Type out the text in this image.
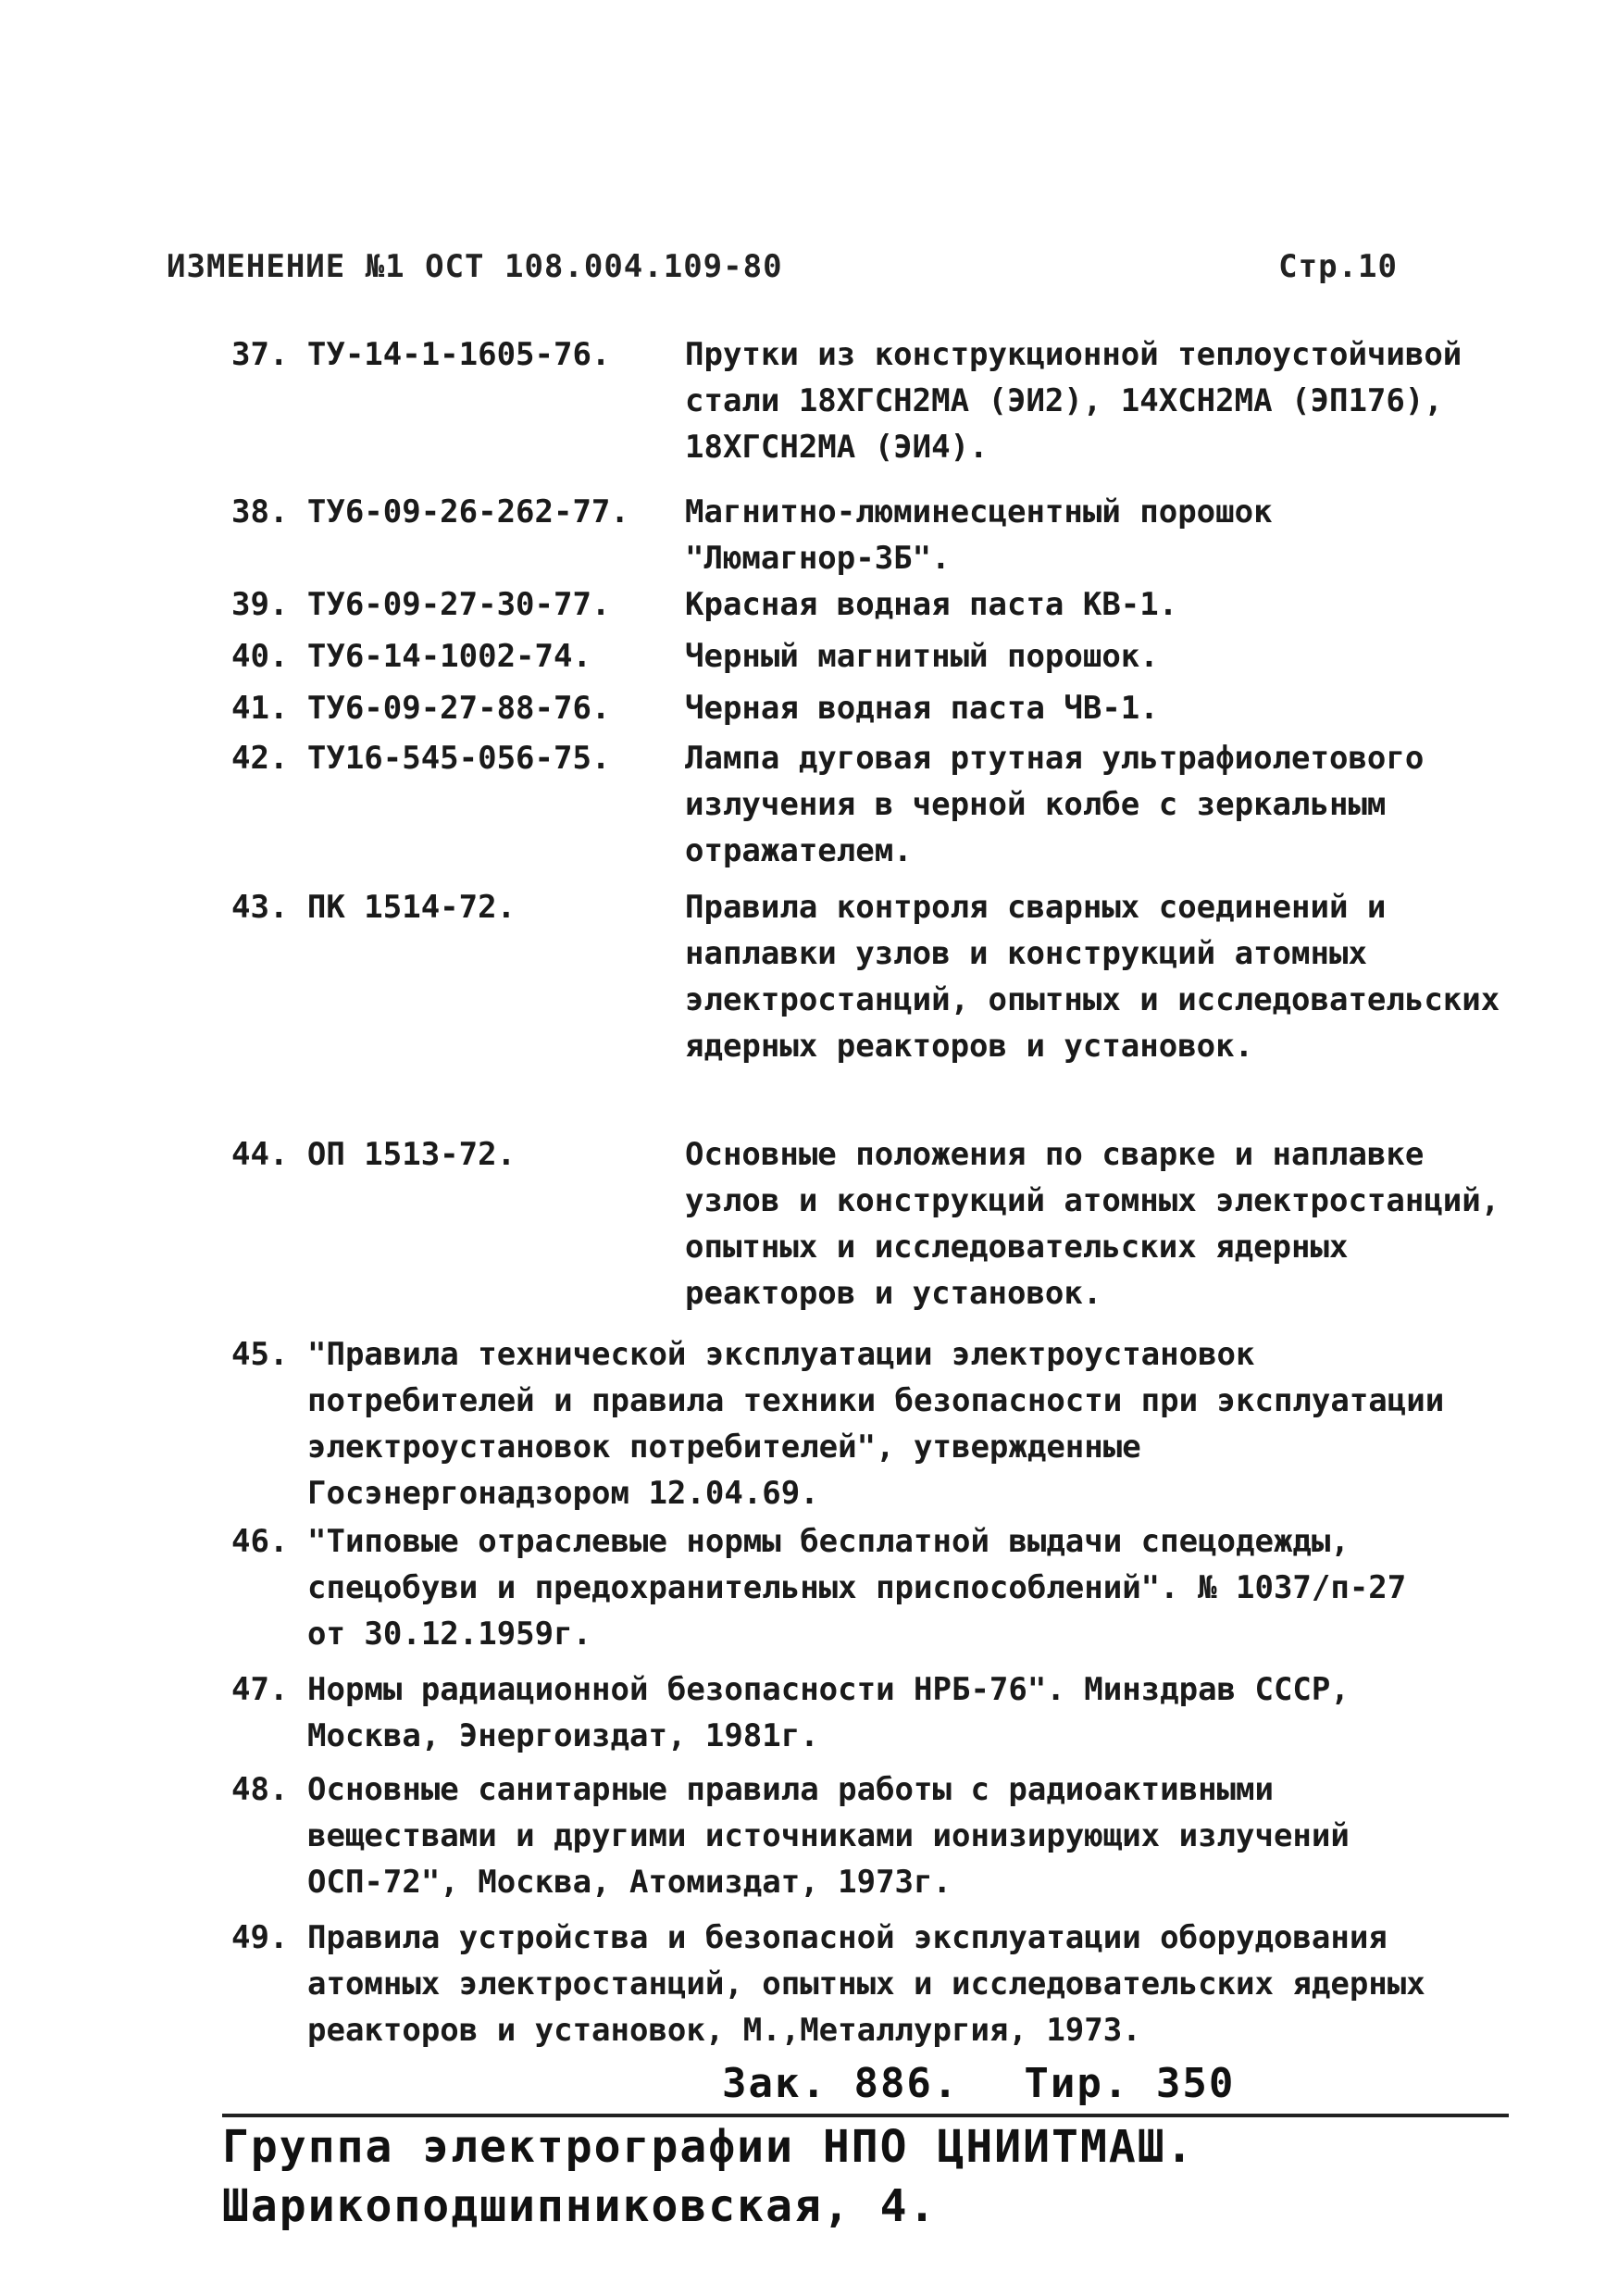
ИЗМЕНЕНИЕ №1 ОСТ 108.004.109-80	Стр.10
37. ТУ-14-1-1605-76. Прутки из конструкционной теплоустойчивой стали 18ХГСН2МА (ЭИ2), 14ХСН2МА (ЭП176), 18ХГСН2МА (ЭИ4).
38. ТУ6-09-26-262-77. Магнитно-люминесцентный порошок "Люмагнор-3Б".
39. ТУ6-09-27-30-77. Красная водная паста КВ-1.
40. ТУ6-14-1002-74.	Черный магнитный порошок.
41. ТУ6-09-27-88-76. Черная водная паста ЧВ-1.
42. ТУ16-545-056-75. Лампа дуговая ртутная ультрафиолетового излучения в черной колбе с зеркальным отражателем.
43. ПК 1514-72.	Правила контроля сварных соединений и наплавки узлов и конструкций атомных электростанций, опытных и исследовательских ядерных реакторов и установок.
44. ОП 1513-72.	Основные положения по сварке и наплавке узлов и конструкций атомных электростанций, опытных и исследовательских ядерных реакторов и установок.
45. "Правила технической эксплуатации электроустановок потребителей и правила техники безопасности при эксплуатации электроустановок потребителей", утвержденные Госэнергонадзором 12.04.69.
46. "Типовые отраслевые нормы бесплатной выдачи спецодежды, спецобуви и предохранительных приспособлений". № 1037/п-27 от 30.12.1959г.
47. Нормы радиационной безопасности НРБ-76". Минздрав СССР, Москва, Энергоиздат, 1981г.
48. Основные санитарные правила работы с радиоактивными веществами и другими источниками ионизирующих излучений ОСП-72", Москва, Атомиздат, 1973г.
49. Правила устройства и безопасной эксплуатации оборудования атомных электростанций, опытных и исследовательских ядерных реакторов и установок, М.,Металлургия, 1973.
Зак. 886. Тир. 350
Группа электрографии НПО ЦНИИТМАШ.
Шарикоподшипниковская, 4.
